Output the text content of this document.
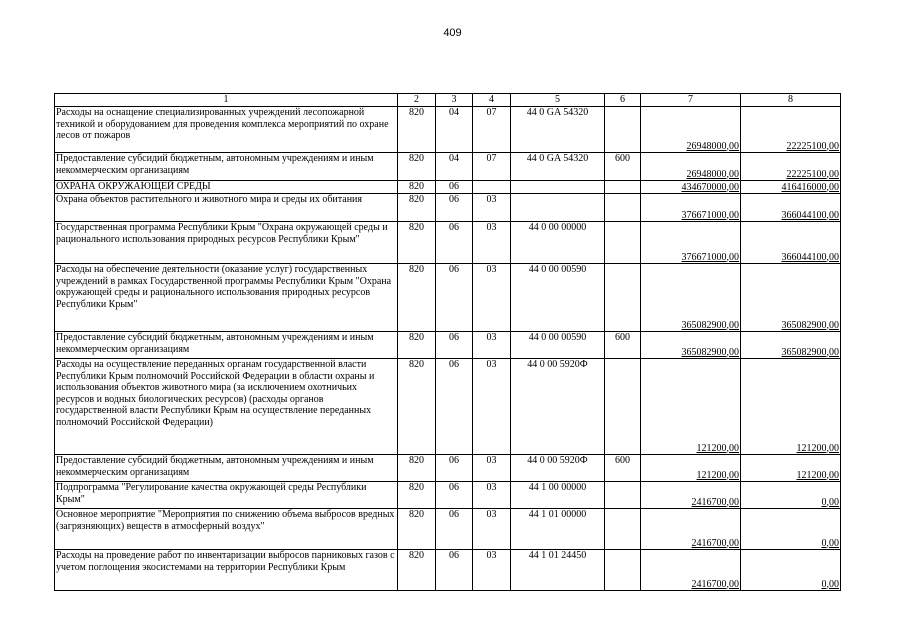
409
1	2	3	4	5	6	7	8
Расходы на оснащение специализированных учреждений лесопожарной техникой и оборудованием для проведения комплекса мероприятий по охране лесов от пожаров	820	04	07	44 0 GA 54320		26948000,00	22225100,00
Предоставление субсидий бюджетным, автономным учреждениям и иным некоммерческим организациям	820	04	07	44 0 GA 54320	600	26948000,00	22225100,00
ОХРАНА ОКРУЖАЮЩЕЙ СРЕДЫ	820	06				434670000,00	416416000,00
Охрана объектов растительного и животного мира и среды их обитания	820	06	03			376671000,00	366044100,00
Государственная программа Республики Крым "Охрана окружающей среды и рационального использования природных ресурсов Республики Крым"	820	06	03	44 0 00 00000		376671000,00	366044100,00
Расходы на обеспечение деятельности (оказание услуг) государственных учреждений в рамках Государственной программы Республики Крым "Охрана окружающей среды и рационального использования природных ресурсов Республики Крым"	820	06	03	44 0 00 00590		365082900,00	365082900,00
Предоставление субсидий бюджетным, автономным учреждениям и иным некоммерческим организациям	820	06	03	44 0 00 00590	600	365082900,00	365082900,00
Расходы на осуществление переданных органам государственной власти Республики Крым полномочий Российской Федерации в области охраны и использования объектов животного мира (за исключением охотничьих ресурсов и водных биологических ресурсов) (расходы органов государственной власти Республики Крым на осуществление переданных полномочий Российской Федерации)	820	06	03	44 0 00 5920Ф		121200,00	121200,00
Предоставление субсидий бюджетным, автономным учреждениям и иным некоммерческим организациям	820	06	03	44 0 00 5920Ф	600	121200,00	121200,00
Подпрограмма "Регулирование качества окружающей среды Республики Крым"	820	06	03	44 1 00 00000		2416700,00	0,00
Основное мероприятие "Мероприятия по снижению объема выбросов вредных (загрязняющих) веществ в атмосферный воздух"	820	06	03	44 1 01 00000		2416700,00	0,00
Расходы на проведение работ по инвентаризации выбросов парниковых газов с учетом поглощения экосистемами на территории Республики Крым	820	06	03	44 1 01 24450		2416700,00	0,00
